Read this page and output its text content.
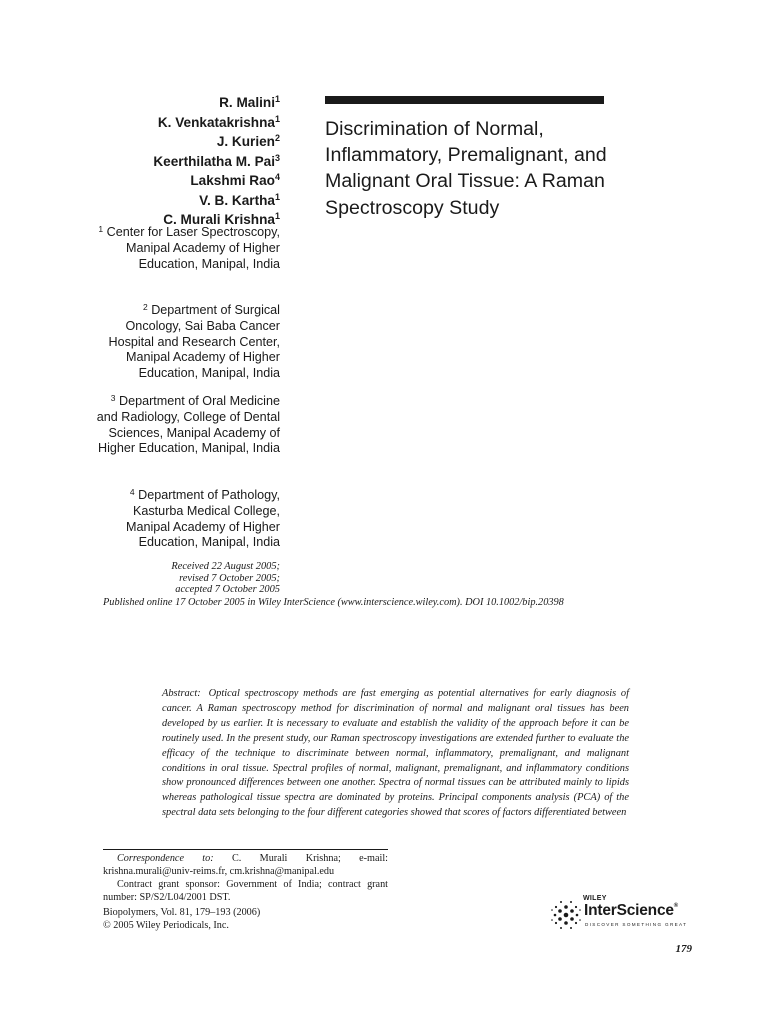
R. Malini$^1$
K. Venkatakrishna$^1$
J. Kurien$^2$
Keerthilatha M. Pai$^3$
Lakshmi Rao$^4$
V. B. Kartha$^1$
C. Murali Krishna$^1$
$^1$ Center for Laser Spectroscopy, Manipal Academy of Higher Education, Manipal, India
$^2$ Department of Surgical Oncology, Sai Baba Cancer Hospital and Research Center, Manipal Academy of Higher Education, Manipal, India
$^3$ Department of Oral Medicine and Radiology, College of Dental Sciences, Manipal Academy of Higher Education, Manipal, India
$^4$ Department of Pathology, Kasturba Medical College, Manipal Academy of Higher Education, Manipal, India
Discrimination of Normal, Inflammatory, Premalignant, and Malignant Oral Tissue: A Raman Spectroscopy Study
Received 22 August 2005;
revised 7 October 2005;
accepted 7 October 2005
Published online 17 October 2005 in Wiley InterScience (www.interscience.wiley.com). DOI 10.1002/bip.20398

Abstract: Optical spectroscopy methods are fast emerging as potential alternatives for early diagnosis of cancer. A Raman spectroscopy method for discrimination of normal and malignant oral tissues has been developed by us earlier. It is necessary to evaluate and establish the validity of the approach before it can be routinely used. In the present study, our Raman spectroscopy investigations are extended further to evaluate the efficacy of the technique to discriminate between normal, inflammatory, premalignant, and malignant conditions in oral tissue. Spectral profiles of normal, malignant, premalignant, and inflammatory conditions show pronounced differences between one another. Spectra of normal tissues can be attributed mainly to lipids whereas pathological tissue spectra are dominated by proteins. Principal components analysis (PCA) of the spectral data sets belonging to the four different categories showed that scores of factors differentiated between

Correspondence to: C. Murali Krishna; e-mail: krishna.murali@univ-reims.fr, cm.krishna@manipal.edu

Contract grant sponsor: Government of India; contract grant number: SP/S2/L04/2001 DST.

Biopolymers, Vol. 81, 179–193 (2006)
© 2005 Wiley Periodicals, Inc.
WILEY
InterScience®
DISCOVER SOMETHING GREAT
179
